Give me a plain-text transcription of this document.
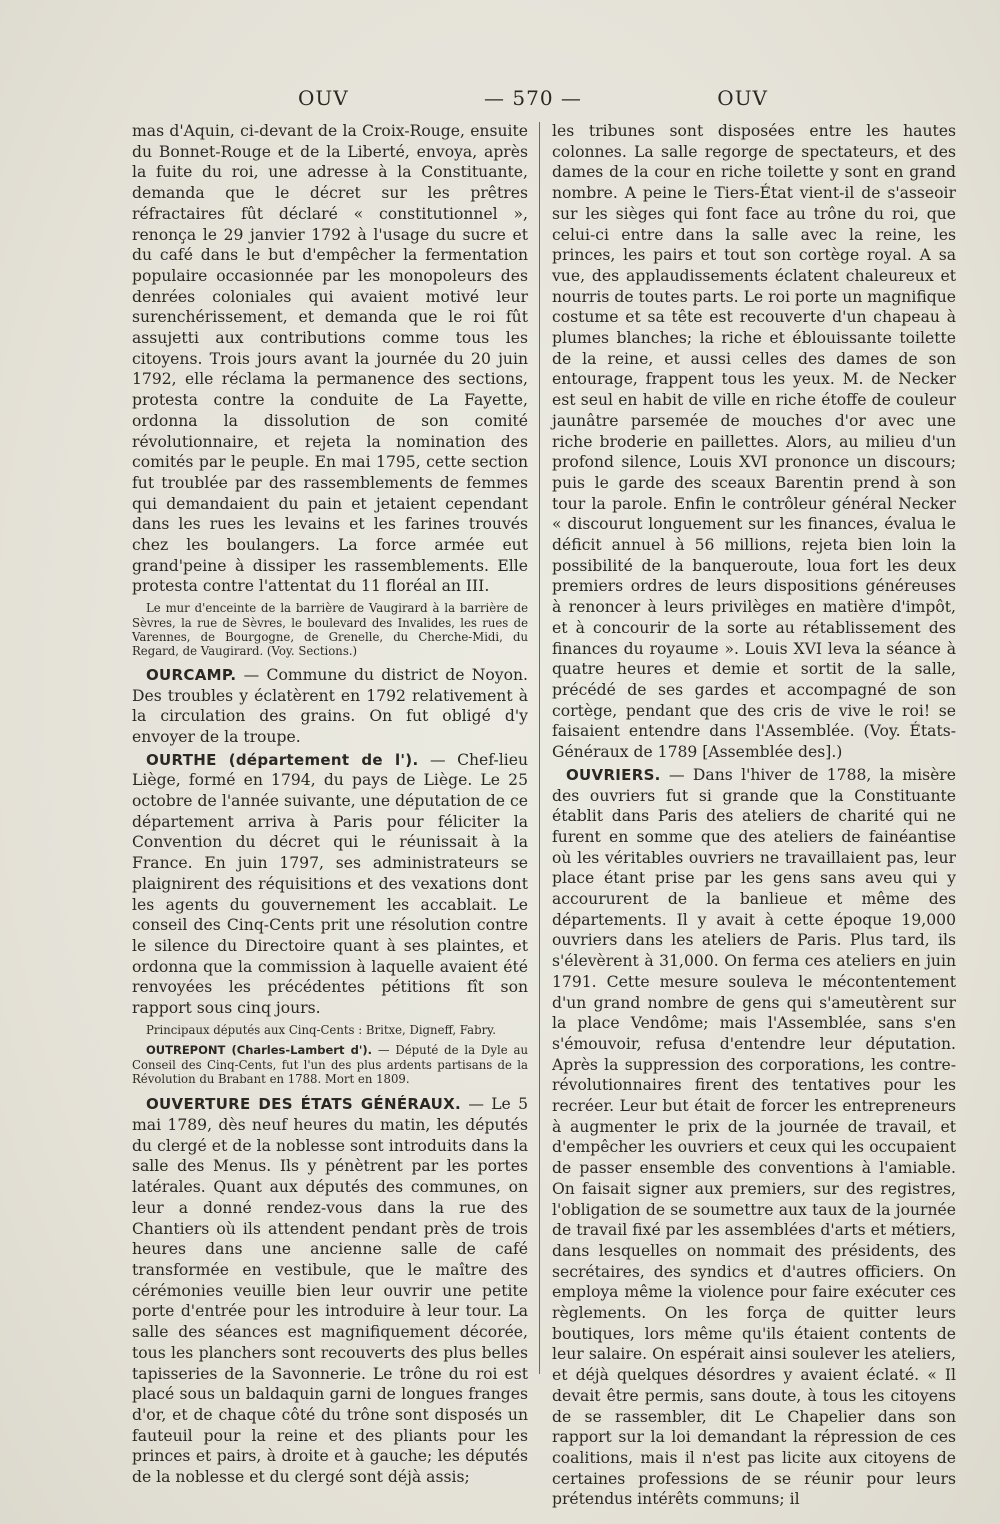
OUV	— 570 —	OUV

mas d'Aquin, ci-devant de la Croix-Rouge, ensuite du Bonnet-Rouge et de la Liberté, envoya, après la fuite du roi, une adresse à la Constituante, demanda que le décret sur les prêtres réfractaires fût déclaré « constitutionnel », renonça le 29 janvier 1792 à l'usage du sucre et du café dans le but d'empêcher la fermentation populaire occasionnée par les monopoleurs des denrées coloniales qui avaient motivé leur surenchérissement, et demanda que le roi fût assujetti aux contributions comme tous les citoyens. Trois jours avant la journée du 20 juin 1792, elle réclama la permanence des sections, protesta contre la conduite de La Fayette, ordonna la dissolution de son comité révolutionnaire, et rejeta la nomination des comités par le peuple. En mai 1795, cette section fut troublée par des rassemblements de femmes qui demandaient du pain et jetaient cependant dans les rues les levains et les farines trouvés chez les boulangers. La force armée eut grand'peine à dissiper les rassemblements. Elle protesta contre l'attentat du 11 floréal an III.

Le mur d'enceinte de la barrière de Vaugirard à la barrière de Sèvres, la rue de Sèvres, le boulevard des Invalides, les rues de Varennes, de Bourgogne, de Grenelle, du Cherche-Midi, du Regard, de Vaugirard. (Voy. Sections.)

OURCAMP. — Commune du district de Noyon. Des troubles y éclatèrent en 1792 relativement à la circulation des grains. On fut obligé d'y envoyer de la troupe.

OURTHE (département de l'). — Chef-lieu Liège, formé en 1794, du pays de Liège. Le 25 octobre de l'année suivante, une députation de ce département arriva à Paris pour féliciter la Convention du décret qui le réunissait à la France. En juin 1797, ses administrateurs se plaignirent des réquisitions et des vexations dont les agents du gouvernement les accablait. Le conseil des Cinq-Cents prit une résolution contre le silence du Directoire quant à ses plaintes, et ordonna que la commission à laquelle avaient été renvoyées les précédentes pétitions fît son rapport sous cinq jours.

Principaux députés aux Cinq-Cents : Britxe, Digneff, Fabry.

OUTREPONT (Charles-Lambert d'). — Député de la Dyle au Conseil des Cinq-Cents, fut l'un des plus ardents partisans de la Révolution du Brabant en 1788. Mort en 1809.

OUVERTURE DES ÉTATS GÉNÉRAUX. — Le 5 mai 1789, dès neuf heures du matin, les députés du clergé et de la noblesse sont introduits dans la salle des Menus. Ils y pénètrent par les portes latérales. Quant aux députés des communes, on leur a donné rendez-vous dans la rue des Chantiers où ils attendent pendant près de trois heures dans une ancienne salle de café transformée en vestibule, que le maître des cérémonies veuille bien leur ouvrir une petite porte d'entrée pour les introduire à leur tour. La salle des séances est magnifiquement décorée, tous les planchers sont recouverts des plus belles tapisseries de la Savonnerie. Le trône du roi est placé sous un baldaquin garni de longues franges d'or, et de chaque côté du trône sont disposés un fauteuil pour la reine et des pliants pour les princes et pairs, à droite et à gauche; les députés de la noblesse et du clergé sont déjà assis;

les tribunes sont disposées entre les hautes colonnes. La salle regorge de spectateurs, et des dames de la cour en riche toilette y sont en grand nombre. A peine le Tiers-État vient-il de s'asseoir sur les sièges qui font face au trône du roi, que celui-ci entre dans la salle avec la reine, les princes, les pairs et tout son cortège royal. A sa vue, des applaudissements éclatent chaleureux et nourris de toutes parts. Le roi porte un magnifique costume et sa tête est recouverte d'un chapeau à plumes blanches; la riche et éblouissante toilette de la reine, et aussi celles des dames de son entourage, frappent tous les yeux. M. de Necker est seul en habit de ville en riche étoffe de couleur jaunâtre parsemée de mouches d'or avec une riche broderie en paillettes. Alors, au milieu d'un profond silence, Louis XVI prononce un discours; puis le garde des sceaux Barentin prend à son tour la parole. Enfin le contrôleur général Necker « discourut longuement sur les finances, évalua le déficit annuel à 56 millions, rejeta bien loin la possibilité de la banqueroute, loua fort les deux premiers ordres de leurs dispositions généreuses à renoncer à leurs privilèges en matière d'impôt, et à concourir de la sorte au rétablissement des finances du royaume ». Louis XVI leva la séance à quatre heures et demie et sortit de la salle, précédé de ses gardes et accompagné de son cortège, pendant que des cris de vive le roi! se faisaient entendre dans l'Assemblée. (Voy. États-Généraux de 1789 [Assemblée des].)

OUVRIERS. — Dans l'hiver de 1788, la misère des ouvriers fut si grande que la Constituante établit dans Paris des ateliers de charité qui ne furent en somme que des ateliers de fainéantise où les véritables ouvriers ne travaillaient pas, leur place étant prise par les gens sans aveu qui y accoururent de la banlieue et même des départements. Il y avait à cette époque 19,000 ouvriers dans les ateliers de Paris. Plus tard, ils s'élevèrent à 31,000. On ferma ces ateliers en juin 1791. Cette mesure souleva le mécontentement d'un grand nombre de gens qui s'ameutèrent sur la place Vendôme; mais l'Assemblée, sans s'en s'émouvoir, refusa d'entendre leur députation. Après la suppression des corporations, les contre-révolutionnaires firent des tentatives pour les recréer. Leur but était de forcer les entrepreneurs à augmenter le prix de la journée de travail, et d'empêcher les ouvriers et ceux qui les occupaient de passer ensemble des conventions à l'amiable. On faisait signer aux premiers, sur des registres, l'obligation de se soumettre aux taux de la journée de travail fixé par les assemblées d'arts et métiers, dans lesquelles on nommait des présidents, des secrétaires, des syndics et d'autres officiers. On employa même la violence pour faire exécuter ces règlements. On les força de quitter leurs boutiques, lors même qu'ils étaient contents de leur salaire. On espérait ainsi soulever les ateliers, et déjà quelques désordres y avaient éclaté. « Il devait être permis, sans doute, à tous les citoyens de se rassembler, dit Le Chapelier dans son rapport sur la loi demandant la répression de ces coalitions, mais il n'est pas licite aux citoyens de certaines professions de se réunir pour leurs prétendus intérêts communs; il
